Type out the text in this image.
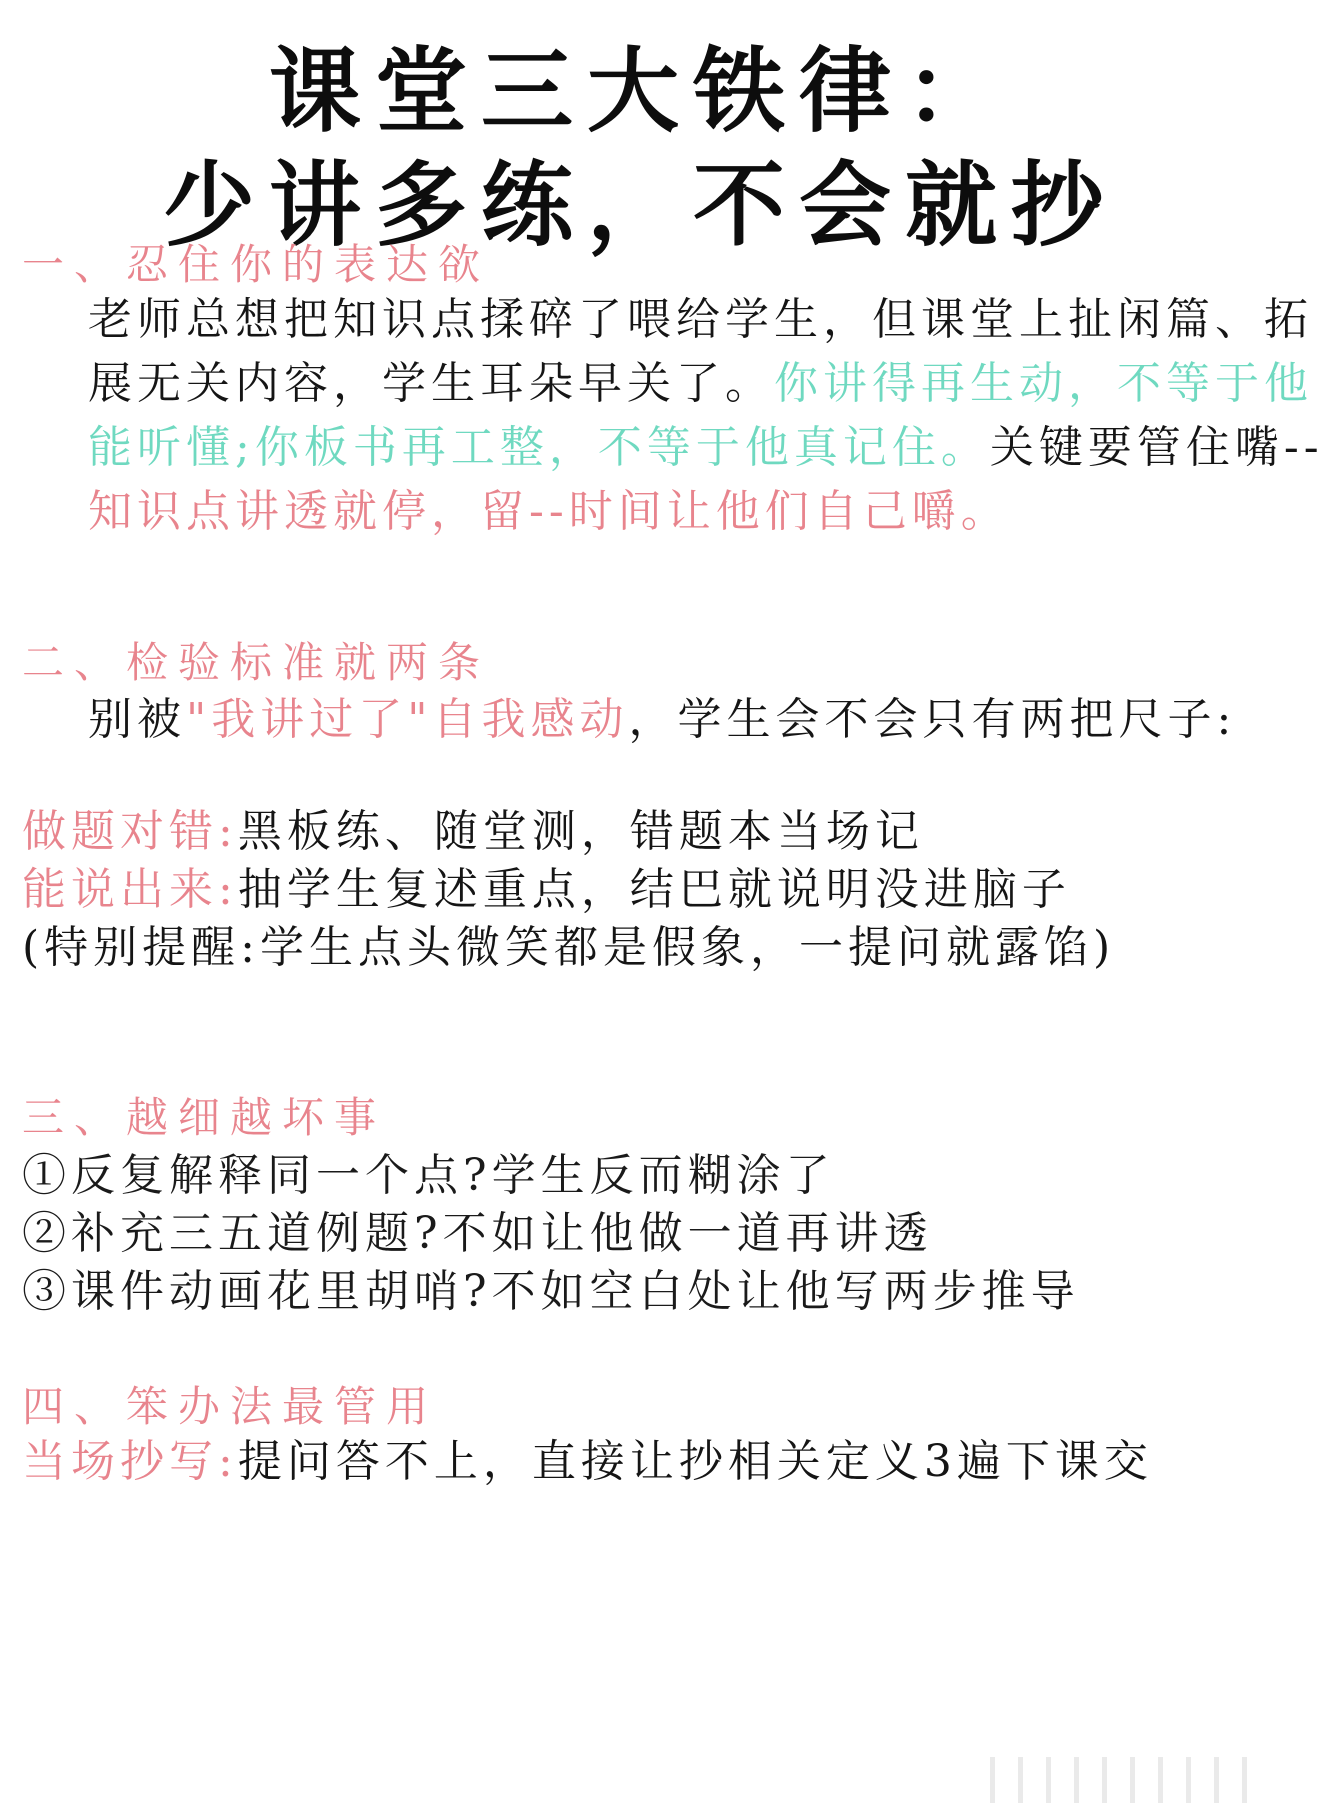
课堂三大铁律：
少讲多练，不会就抄
一、忍住你的表达欲

老师总想把知识点揉碎了喂给学生，但课堂上扯闲篇、拓展无关内容，学生耳朵早关了。你讲得再生动，不等于他能听懂;你板书再工整，不等于他真记住。关键要管住嘴--知识点讲透就停，留--时间让他们自己嚼。

二、检验标准就两条

别被"我讲过了"自我感动，学生会不会只有两把尺子:

做题对错:黑板练、随堂测，错题本当场记

能说出来:抽学生复述重点，结巴就说明没进脑子

(特别提醒:学生点头微笑都是假象，一提问就露馅)

三、越细越坏事
①反复解释同一个点?学生反而糊涂了
②补充三五道例题?不如让他做一道再讲透
③课件动画花里胡哨?不如空白处让他写两步推导
四、笨办法最管用

当场抄写:提问答不上，直接让抄相关定义3遍下课交
